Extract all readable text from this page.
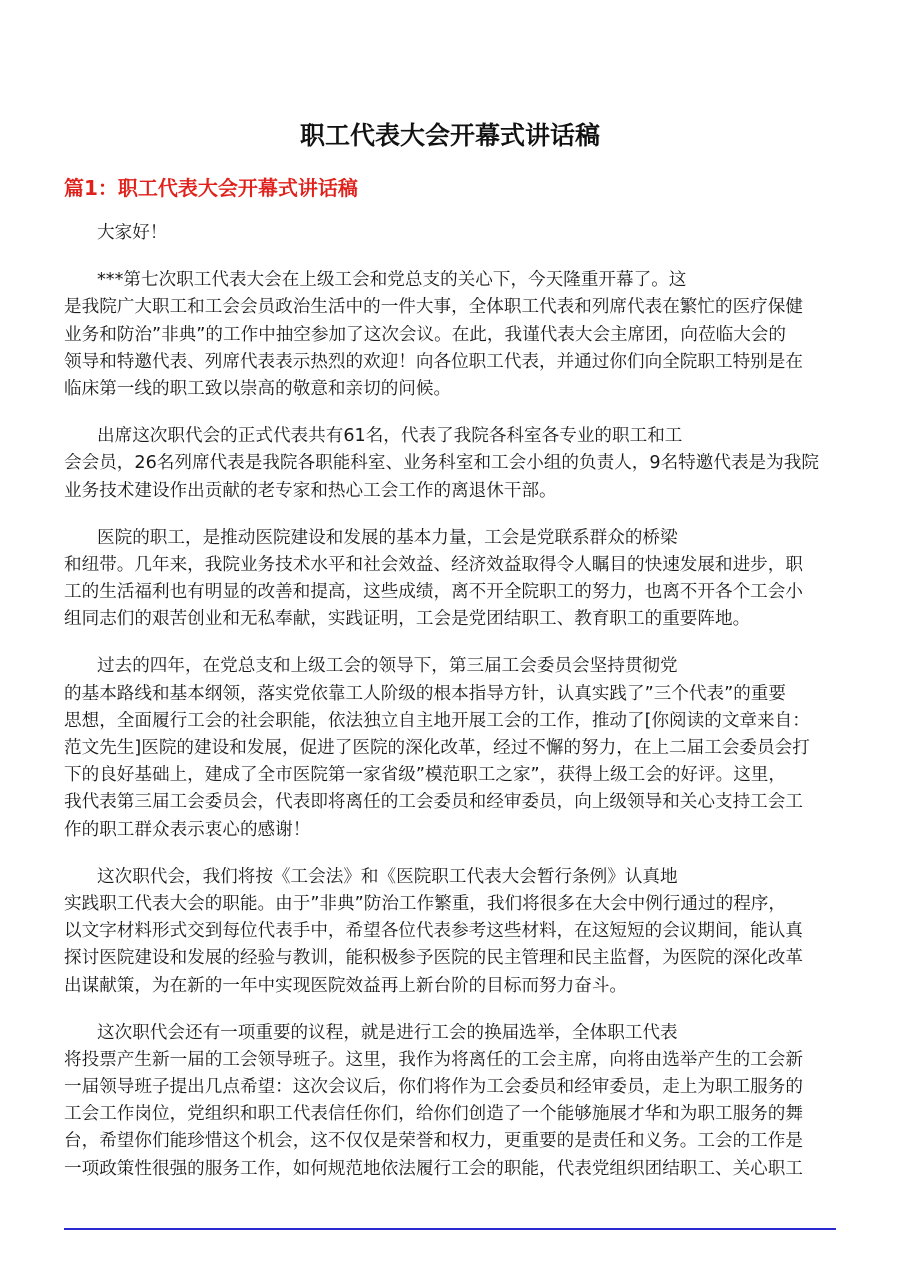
职工代表大会开幕式讲话稿
篇1：职工代表大会开幕式讲话稿
大家好！
***第七次职工代表大会在上级工会和党总支的关心下，今天隆重开幕了。这
是我院广大职工和工会会员政治生活中的一件大事，全体职工代表和列席代表在繁忙的医疗保健
业务和防治”非典”的工作中抽空参加了这次会议。在此，我谨代表大会主席团，向莅临大会的
领导和特邀代表、列席代表表示热烈的欢迎！向各位职工代表，并通过你们向全院职工特别是在
临床第一线的职工致以崇高的敬意和亲切的问候。
出席这次职代会的正式代表共有61名，代表了我院各科室各专业的职工和工
会会员，26名列席代表是我院各职能科室、业务科室和工会小组的负责人，9名特邀代表是为我院
业务技术建设作出贡献的老专家和热心工会工作的离退休干部。
医院的职工，是推动医院建设和发展的基本力量，工会是党联系群众的桥梁
和纽带。几年来，我院业务技术水平和社会效益、经济效益取得令人瞩目的快速发展和进步，职
工的生活福利也有明显的改善和提高，这些成绩，离不开全院职工的努力，也离不开各个工会小
组同志们的艰苦创业和无私奉献，实践证明，工会是党团结职工、教育职工的重要阵地。
过去的四年，在党总支和上级工会的领导下，第三届工会委员会坚持贯彻党
的基本路线和基本纲领，落实党依靠工人阶级的根本指导方针，认真实践了”三个代表”的重要
思想，全面履行工会的社会职能，依法独立自主地开展工会的工作，推动了[你阅读的文章来自：
范文先生]医院的建设和发展，促进了医院的深化改革，经过不懈的努力，在上二届工会委员会打
下的良好基础上，建成了全市医院第一家省级”模范职工之家”，获得上级工会的好评。这里，
我代表第三届工会委员会，代表即将离任的工会委员和经审委员，向上级领导和关心支持工会工
作的职工群众表示衷心的感谢！
这次职代会，我们将按《工会法》和《医院职工代表大会暂行条例》认真地
实践职工代表大会的职能。由于”非典”防治工作繁重，我们将很多在大会中例行通过的程序，
以文字材料形式交到每位代表手中，希望各位代表参考这些材料，在这短短的会议期间，能认真
探讨医院建设和发展的经验与教训，能积极参予医院的民主管理和民主监督，为医院的深化改革
出谋献策，为在新的一年中实现医院效益再上新台阶的目标而努力奋斗。
这次职代会还有一项重要的议程，就是进行工会的换届选举，全体职工代表
将投票产生新一届的工会领导班子。这里，我作为将离任的工会主席，向将由选举产生的工会新
一届领导班子提出几点希望：这次会议后，你们将作为工会委员和经审委员，走上为职工服务的
工会工作岗位，党组织和职工代表信任你们，给你们创造了一个能够施展才华和为职工服务的舞
台，希望你们能珍惜这个机会，这不仅仅是荣誉和权力，更重要的是责任和义务。工会的工作是
一项政策性很强的服务工作，如何规范地依法履行工会的职能，代表党组织团结职工、关心职工
